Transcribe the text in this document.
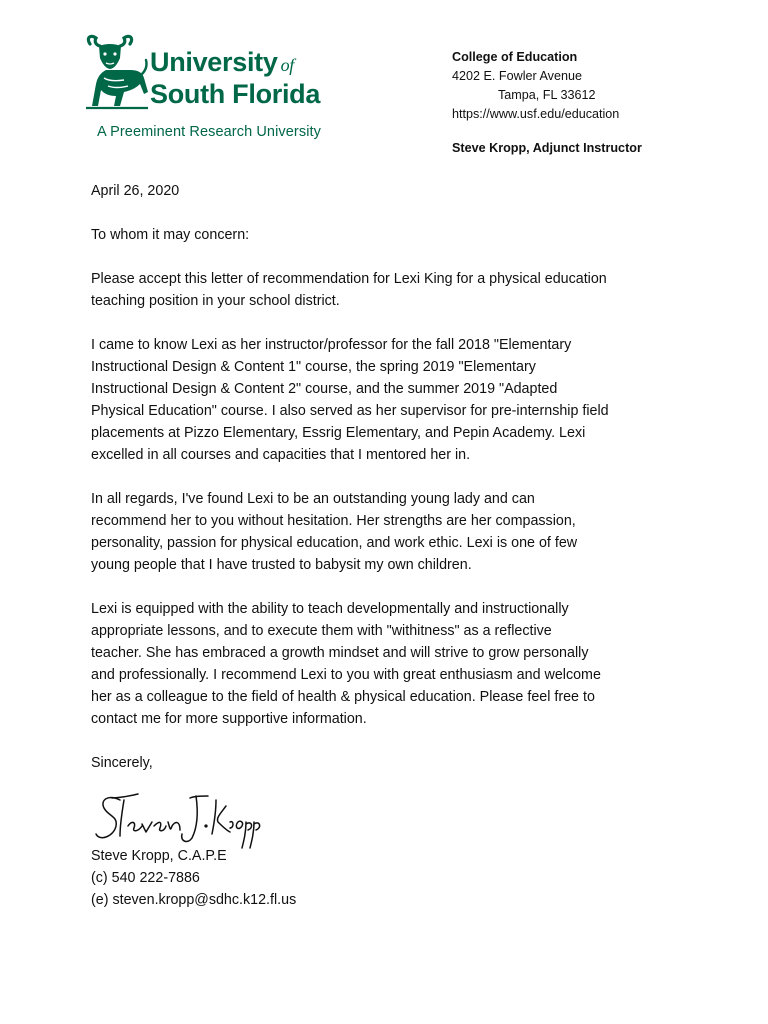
University of
South Florida
A Preeminent Research University
College of Education
4202 E. Fowler Avenue
Tampa, FL 33612
https://www.usf.edu/education
Steve Kropp, Adjunct Instructor

April 26, 2020

To whom it may concern:

Please accept this letter of recommendation for Lexi King for a physical education
teaching position in your school district.

I came to know Lexi as her instructor/professor for the fall 2018 "Elementary
Instructional Design & Content 1" course, the spring 2019 "Elementary
Instructional Design & Content 2" course, and the summer 2019 "Adapted
Physical Education" course. I also served as her supervisor for pre-internship field
placements at Pizzo Elementary, Essrig Elementary, and Pepin Academy. Lexi
excelled in all courses and capacities that I mentored her in.

In all regards, I've found Lexi to be an outstanding young lady and can
recommend her to you without hesitation. Her strengths are her compassion,
personality, passion for physical education, and work ethic. Lexi is one of few
young people that I have trusted to babysit my own children.

Lexi is equipped with the ability to teach developmentally and instructionally
appropriate lessons, and to execute them with "withitness" as a reflective
teacher. She has embraced a growth mindset and will strive to grow personally
and professionally. I recommend Lexi to you with great enthusiasm and welcome
her as a colleague to the field of health & physical education. Please feel free to
contact me for more supportive information.

Sincerely,

Steve Kropp, C.A.P.E
(c) 540 222-7886
(e) steven.kropp@sdhc.k12.fl.us
